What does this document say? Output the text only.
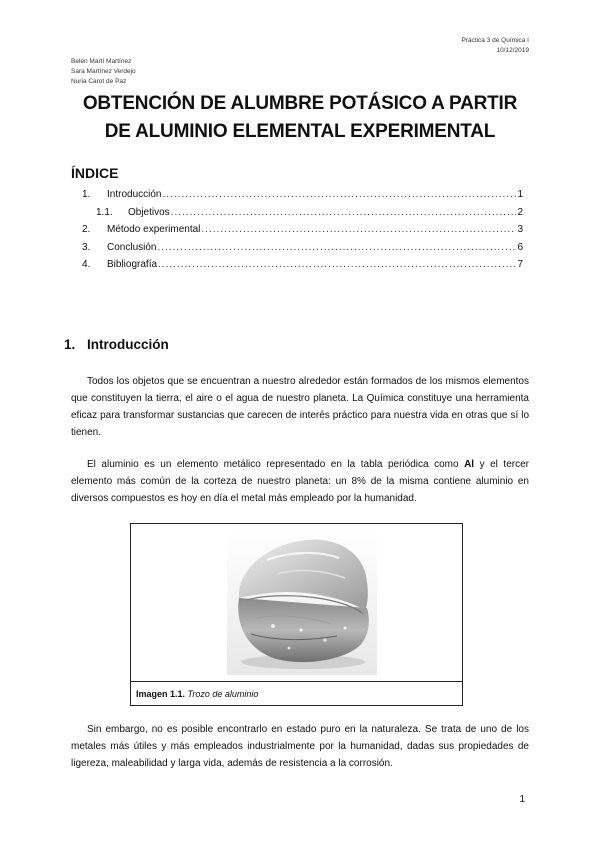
Práctica 3 de Química I
10/12/2019
Belén Martí Martínez
Sara Martínez Verdejo
Nuria Carot de Paz
OBTENCIÓN DE ALUMBRE POTÁSICO A PARTIR
DE ALUMINIO ELEMENTAL EXPERIMENTAL
ÍNDICE
1.	Introducción .....	1
1.1.	Objetivos .....	2
2.	Método experimental .....	3
3.	Conclusión .....	6
4.	Bibliografía .....	7
1. Introducción

Todos los objetos que se encuentran a nuestro alrededor están formados de los mismos elementos que constituyen la tierra, el aire o el agua de nuestro planeta. La Química constituye una herramienta eficaz para transformar sustancias que carecen de interés práctico para nuestra vida en otras que sí lo tienen.

El aluminio es un elemento metálico representado en la tabla periódica como Al y el tercer elemento más común de la corteza de nuestro planeta: un 8% de la misma contiene aluminio en diversos compuestos es hoy en día el metal más empleado por la humanidad.

Imagen 1.1. Trozo de aluminio

Sin embargo, no es posible encontrarlo en estado puro en la naturaleza. Se trata de uno de los metales más útiles y más empleados industrialmente por la humanidad, dadas sus propiedades de ligereza, maleabilidad y larga vida, además de resistencia a la corrosión.

1
